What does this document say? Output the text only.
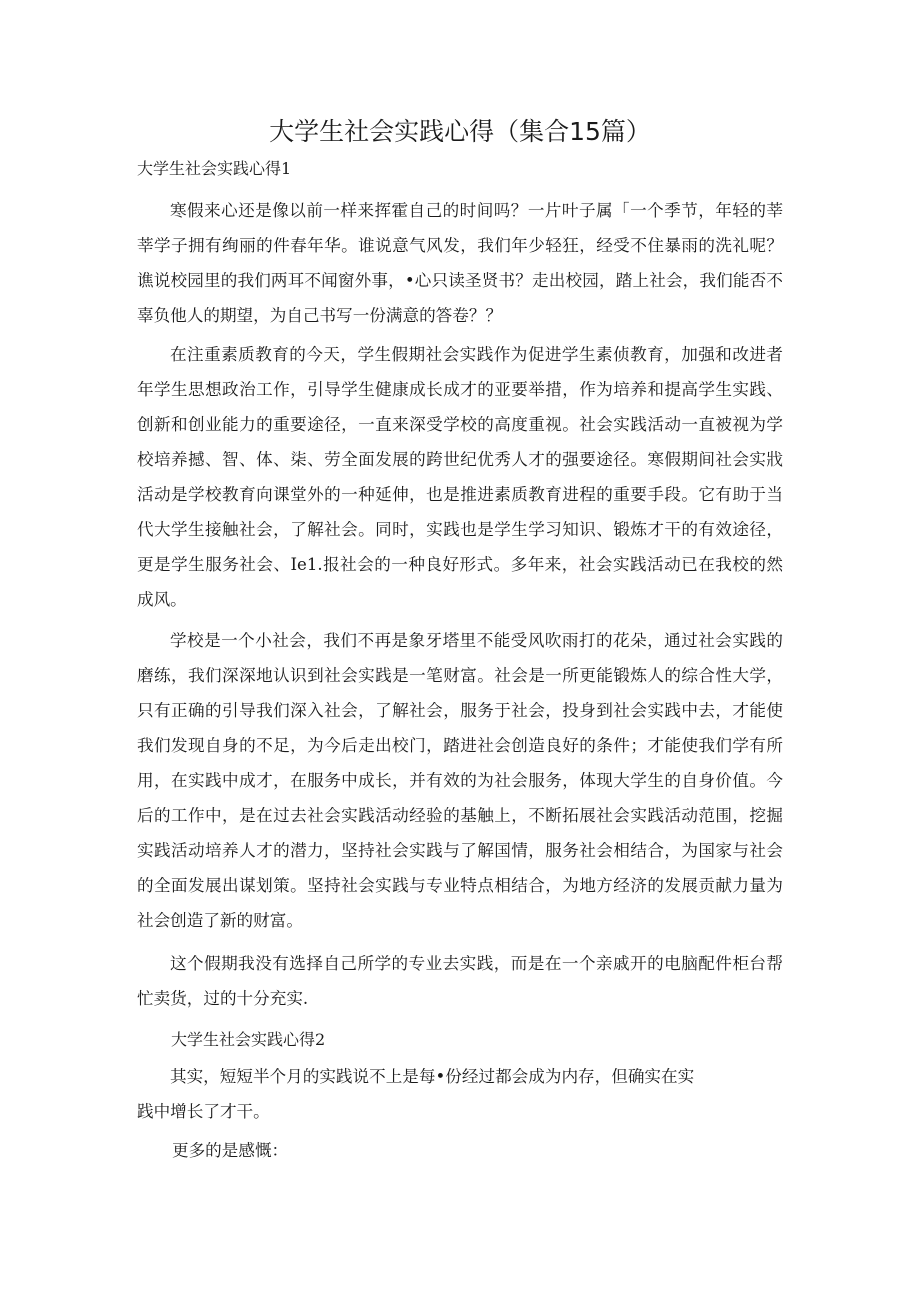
大学生社会实践心得（集合15篇）

大学生社会实践心得1

寒假来心还是像以前一样来挥霍自己的时间吗？一片叶子属「一个季节，年轻的莘莘学子拥有绚丽的件春年华。谁说意气风发，我们年少轻狂，经受不住暴雨的洗礼呢？谯说校园里的我们两耳不闻窗外事，•心只读圣贤书？走出校园，踏上社会，我们能否不辜负他人的期望，为自己书写一份满意的答卷？？

在注重素质教育的今天，学生假期社会实践作为促进学生素侦教育，加强和改进者年学生思想政治工作，引导学生健康成长成才的亚要举措，作为培养和提高学生实践、创新和创业能力的重要途径，一直来深受学校的高度重视。社会实践活动一直被视为学校培养撼、智、体、柒、劳全面发展的跨世纪优秀人才的强要途径。寒假期间社会实戕活动是学校教育向课堂外的一种延伸，也是推进素质教育进程的重要手段。它有助于当代大学生接触社会，了解社会。同时，实践也是学生学习知识、锻炼才干的有效途径，更是学生服务社会、Ie1.报社会的一种良好形式。多年来，社会实践活动已在我校的然成风。

学校是一个小社会，我们不再是象牙塔里不能受风吹雨打的花朵，通过社会实践的磨练，我们深深地认识到社会实践是一笔财富。社会是一所更能锻炼人的综合性大学，只有正确的引导我们深入社会，了解社会，服务于社会，投身到社会实践中去，才能使我们发现自身的不足，为今后走出校门，踏进社会创造良好的条件；才能使我们学有所用，在实践中成才，在服务中成长，并有效的为社会服务，体现大学生的自身价值。今后的工作中，是在过去社会实践活动经验的基触上，不断拓展社会实践活动范围，挖掘实践活动培养人才的潜力，坚持社会实践与了解国情，服务社会相结合，为国家与社会的全面发展出谋划策。坚持社会实践与专业特点相结合，为地方经济的发展贡献力量为社会创造了新的财富。

这个假期我没有选择自己所学的专业去实践，而是在一个亲戚开的电脑配件柜台帮忙卖货，过的十分充实.

大学生社会实践心得2

其实，短短半个月的实践说不上是每•份经过都会成为内存，但确实在实

践中增长了才干。

更多的是感慨：
